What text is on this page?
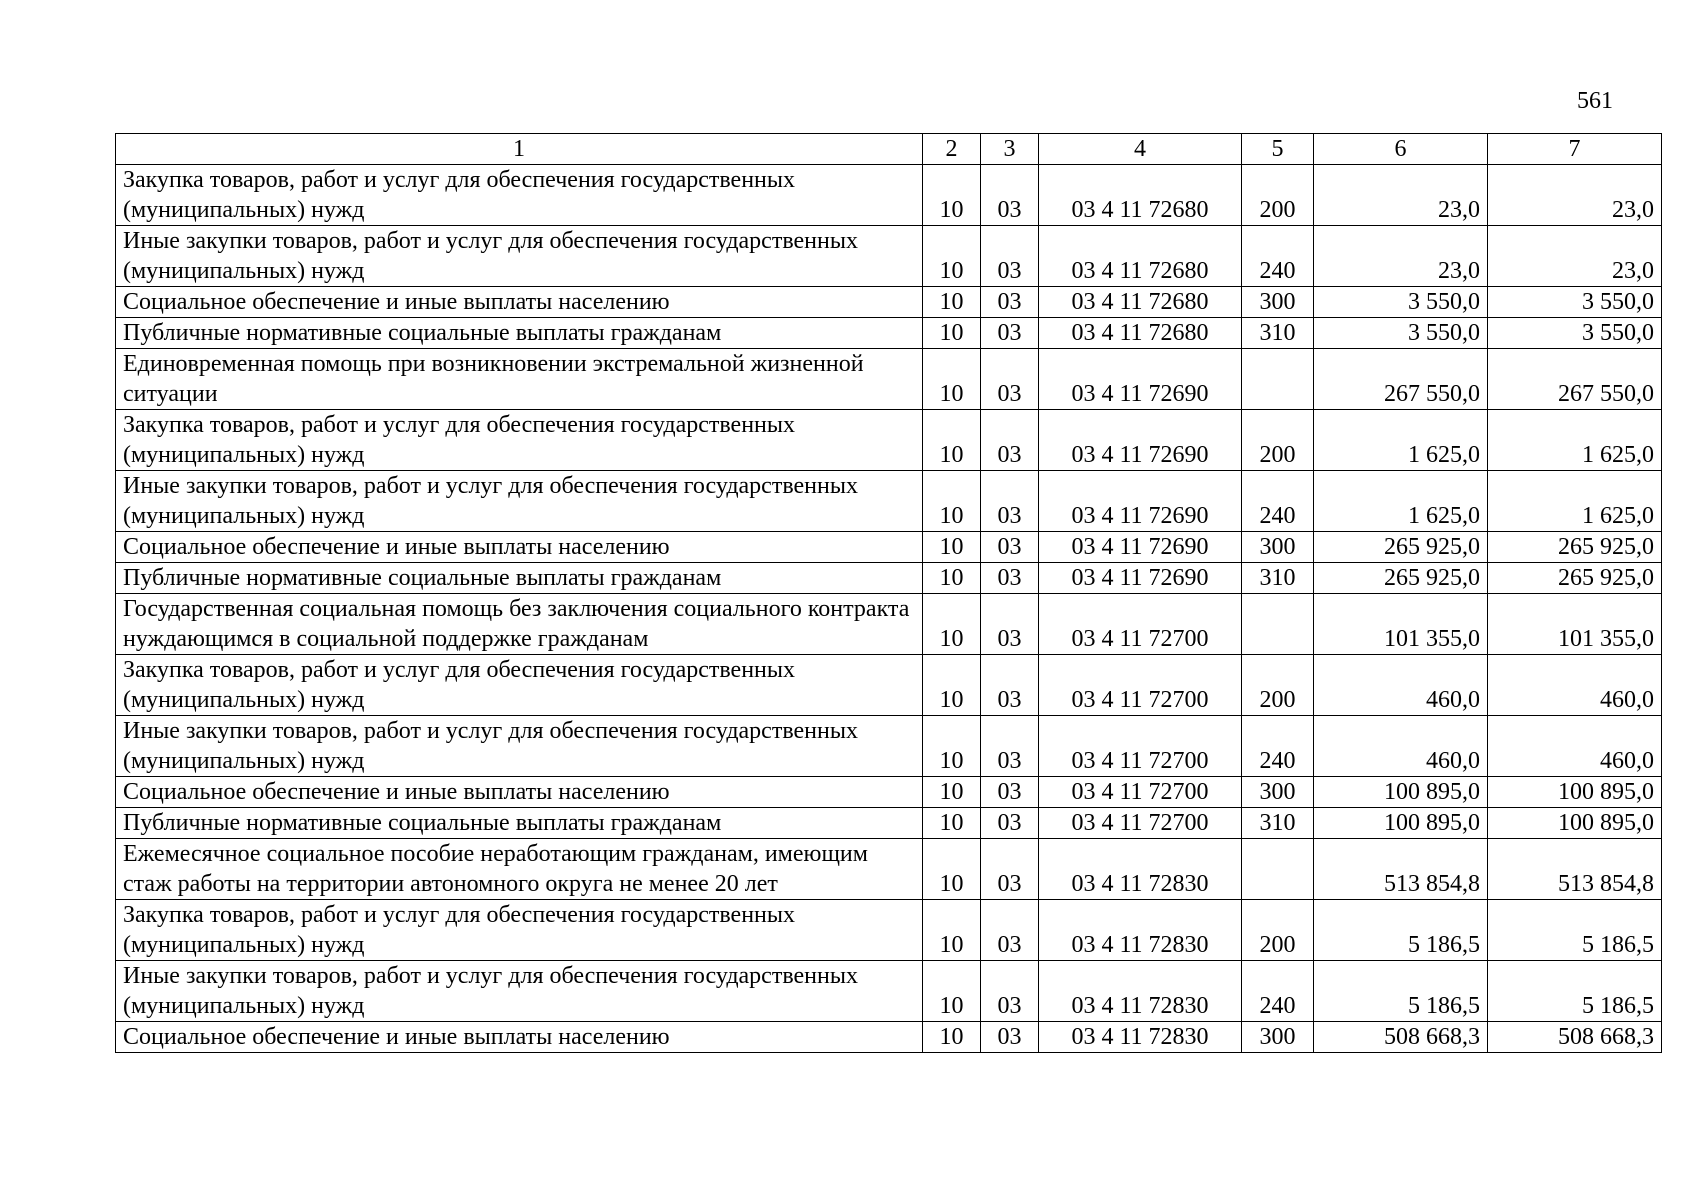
561
1	2	3	4	5	6	7
Закупка товаров, работ и услуг для обеспечения государственных (муниципальных) нужд	10	03	03 4 11 72680	200	23,0	23,0
Иные закупки товаров, работ и услуг для обеспечения государственных (муниципальных) нужд	10	03	03 4 11 72680	240	23,0	23,0
Социальное обеспечение и иные выплаты населению	10	03	03 4 11 72680	300	3 550,0	3 550,0
Публичные нормативные социальные выплаты гражданам	10	03	03 4 11 72680	310	3 550,0	3 550,0
Единовременная помощь при возникновении экстремальной жизненной ситуации	10	03	03 4 11 72690		267 550,0	267 550,0
Закупка товаров, работ и услуг для обеспечения государственных (муниципальных) нужд	10	03	03 4 11 72690	200	1 625,0	1 625,0
Иные закупки товаров, работ и услуг для обеспечения государственных (муниципальных) нужд	10	03	03 4 11 72690	240	1 625,0	1 625,0
Социальное обеспечение и иные выплаты населению	10	03	03 4 11 72690	300	265 925,0	265 925,0
Публичные нормативные социальные выплаты гражданам	10	03	03 4 11 72690	310	265 925,0	265 925,0
Государственная социальная помощь без заключения социального контракта нуждающимся в социальной поддержке гражданам	10	03	03 4 11 72700		101 355,0	101 355,0
Закупка товаров, работ и услуг для обеспечения государственных (муниципальных) нужд	10	03	03 4 11 72700	200	460,0	460,0
Иные закупки товаров, работ и услуг для обеспечения государственных (муниципальных) нужд	10	03	03 4 11 72700	240	460,0	460,0
Социальное обеспечение и иные выплаты населению	10	03	03 4 11 72700	300	100 895,0	100 895,0
Публичные нормативные социальные выплаты гражданам	10	03	03 4 11 72700	310	100 895,0	100 895,0
Ежемесячное социальное пособие неработающим гражданам, имеющим стаж работы на территории автономного округа не менее 20 лет	10	03	03 4 11 72830		513 854,8	513 854,8
Закупка товаров, работ и услуг для обеспечения государственных (муниципальных) нужд	10	03	03 4 11 72830	200	5 186,5	5 186,5
Иные закупки товаров, работ и услуг для обеспечения государственных (муниципальных) нужд	10	03	03 4 11 72830	240	5 186,5	5 186,5
Социальное обеспечение и иные выплаты населению	10	03	03 4 11 72830	300	508 668,3	508 668,3
